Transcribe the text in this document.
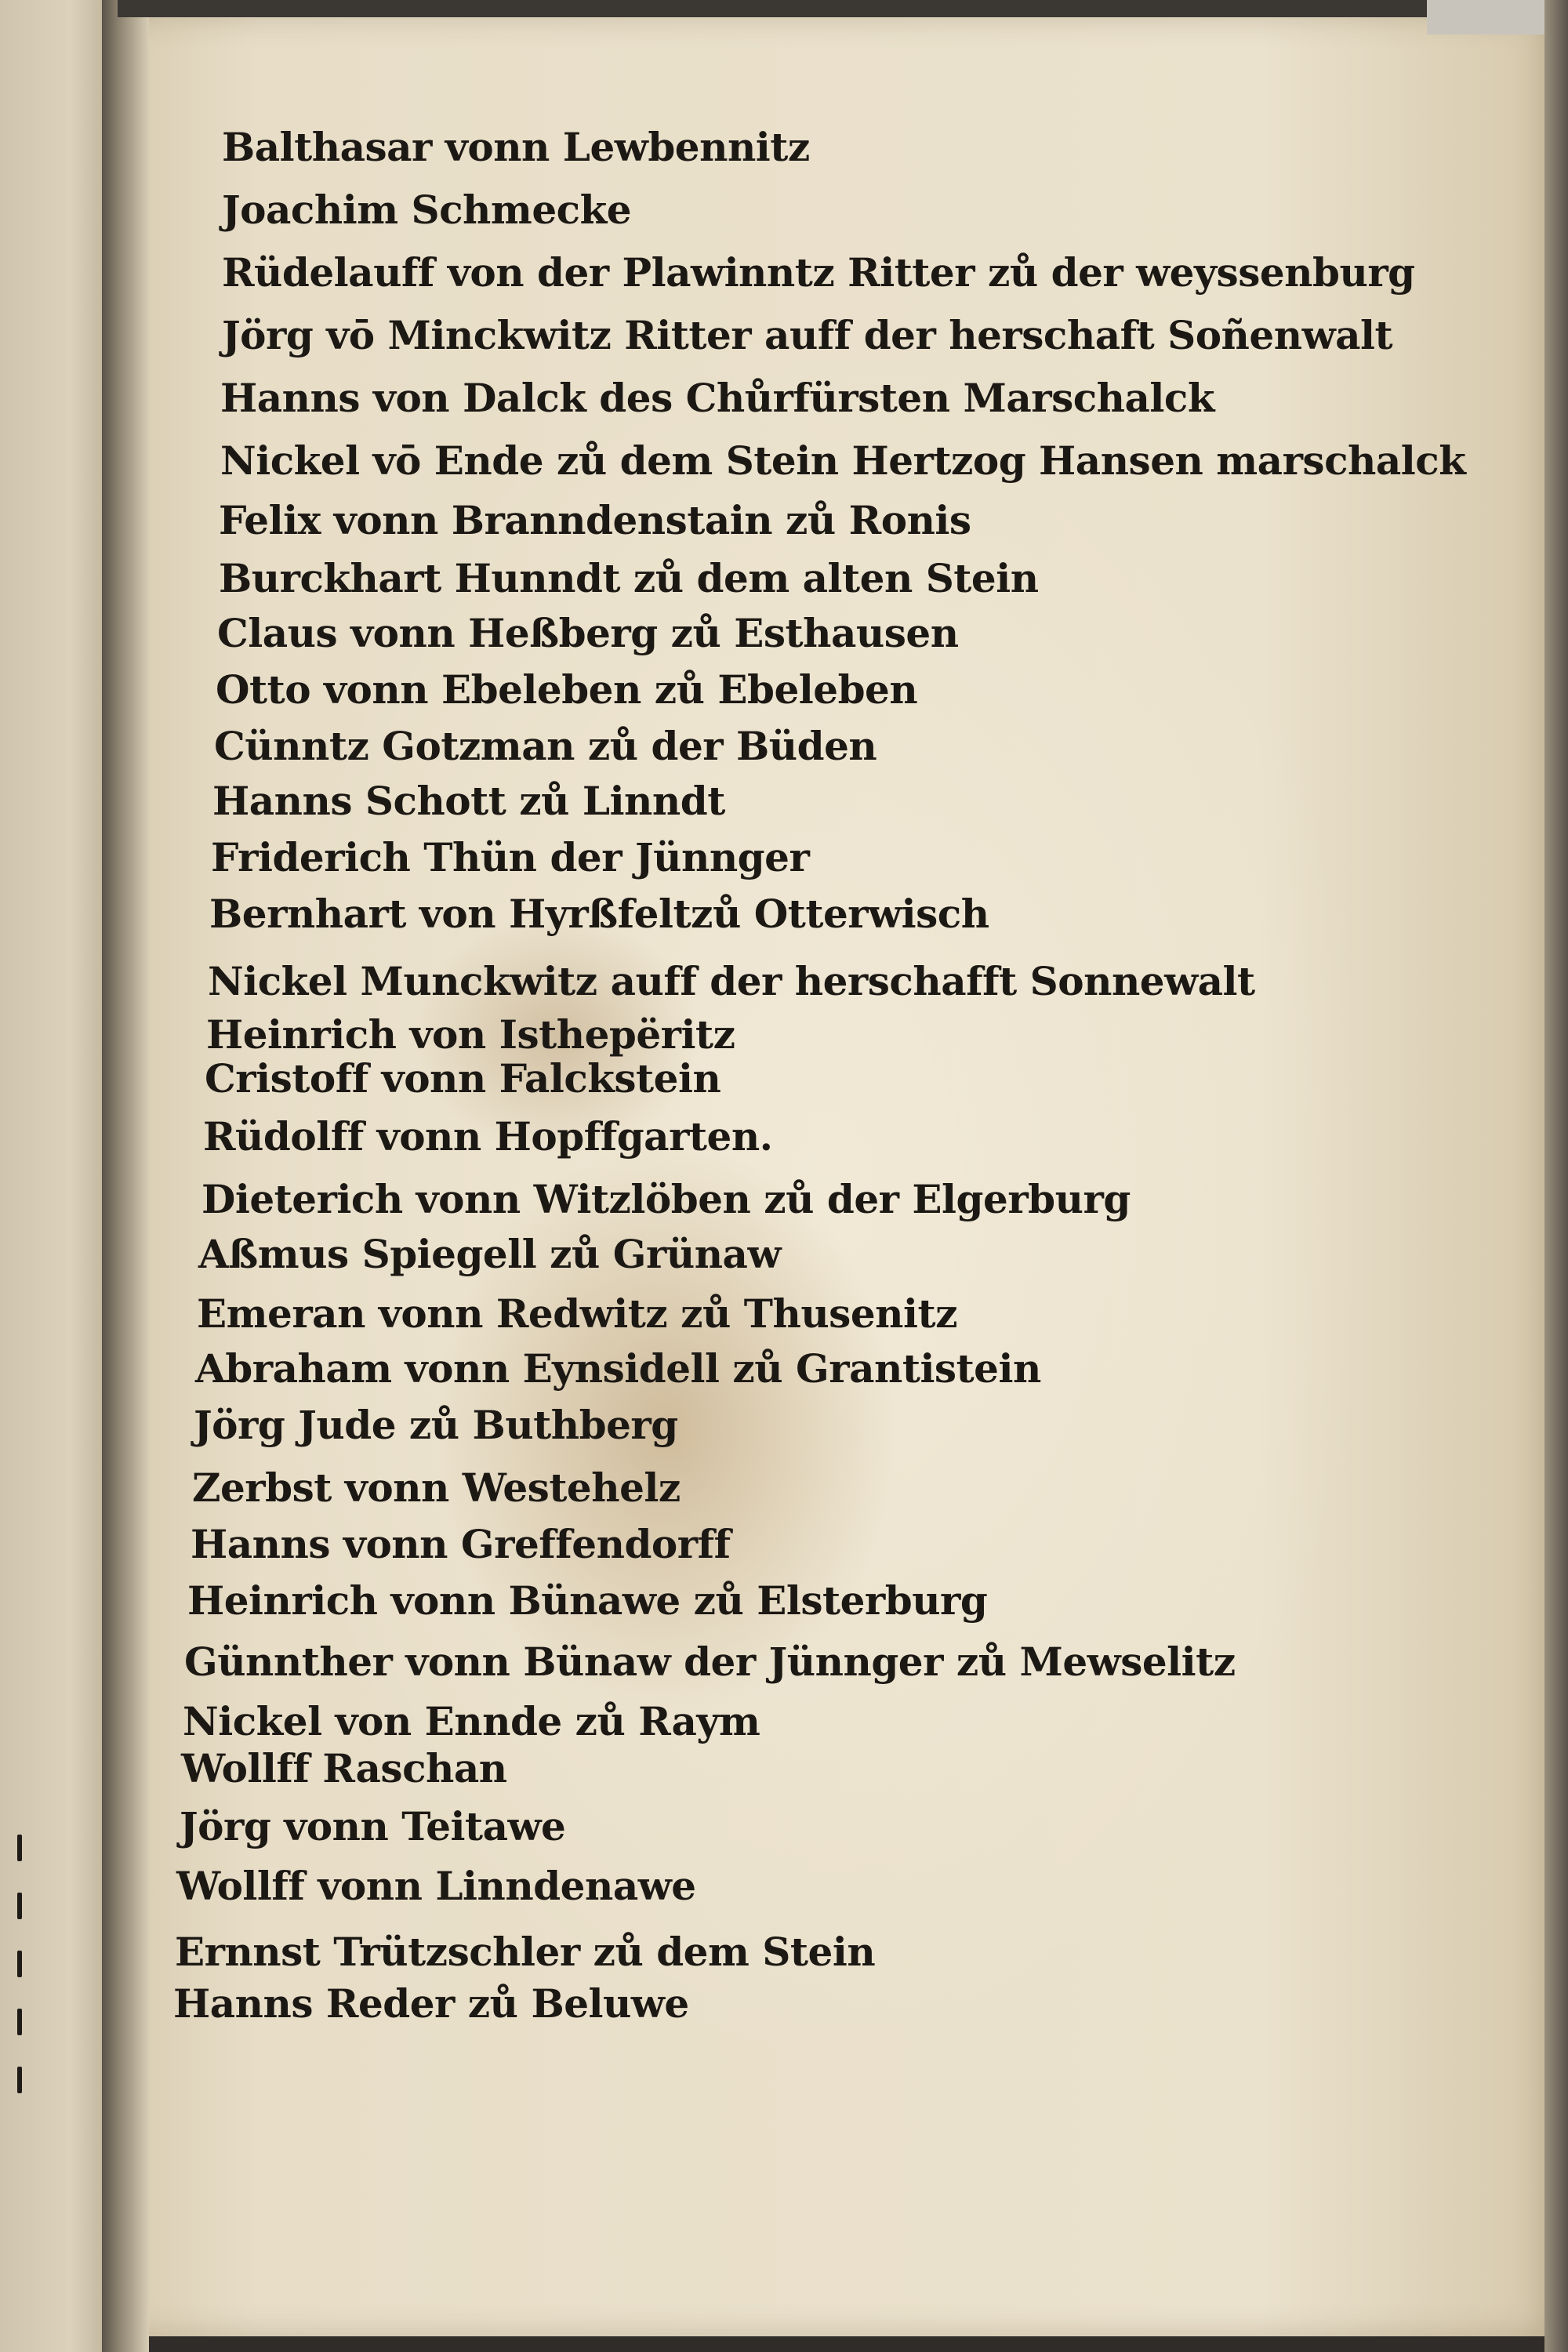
Balthasar vonn Lewbennitz
Joachim Schmecke
Rüdelauff von der Plawinntz Ritter zů der weyssenburg
Jörg vō Minckwitz Ritter auff der herschaft Soñenwalt
Hanns von Dalck des Chůrfürsten Marschalck
Nickel vō Ende zů dem Stein Hertzog Hansen marschalck
Felix vonn Branndenstain zů Ronis
Burckhart Hunndt zů dem alten Stein
Claus vonn Heßberg zů Esthausen
Otto vonn Ebeleben zů Ebeleben
Cünntz Gotzman zů der Büden
Hanns Schott zů Linndt
Friderich Thün der Jünnger
Bernhart von Hyrßfeltzů Otterwisch
Nickel Munckwitz auff der herschafft Sonnewalt
Heinrich von Isthepëritz
Cristoff vonn Falckstein
Rüdolff vonn Hopffgarten.
Dieterich vonn Witzlöben zů der Elgerburg
Aßmus Spiegell zů Grünaw
Emeran vonn Redwitz zů Thusenitz
Abraham vonn Eynsidell zů Grantistein
Jörg Jude zů Buthberg
Zerbst vonn Westehelz
Hanns vonn Greffendorff
Heinrich vonn Bünawe zů Elsterburg
Günnther vonn Bünaw der Jünnger zů Mewselitz
Nickel von Ennde zů Raym
Wollff Raschan
Jörg vonn Teitawe
Wollff vonn Linndenawe
Ernnst Trützschler zů dem Stein
Hanns Reder zů Beluwe
